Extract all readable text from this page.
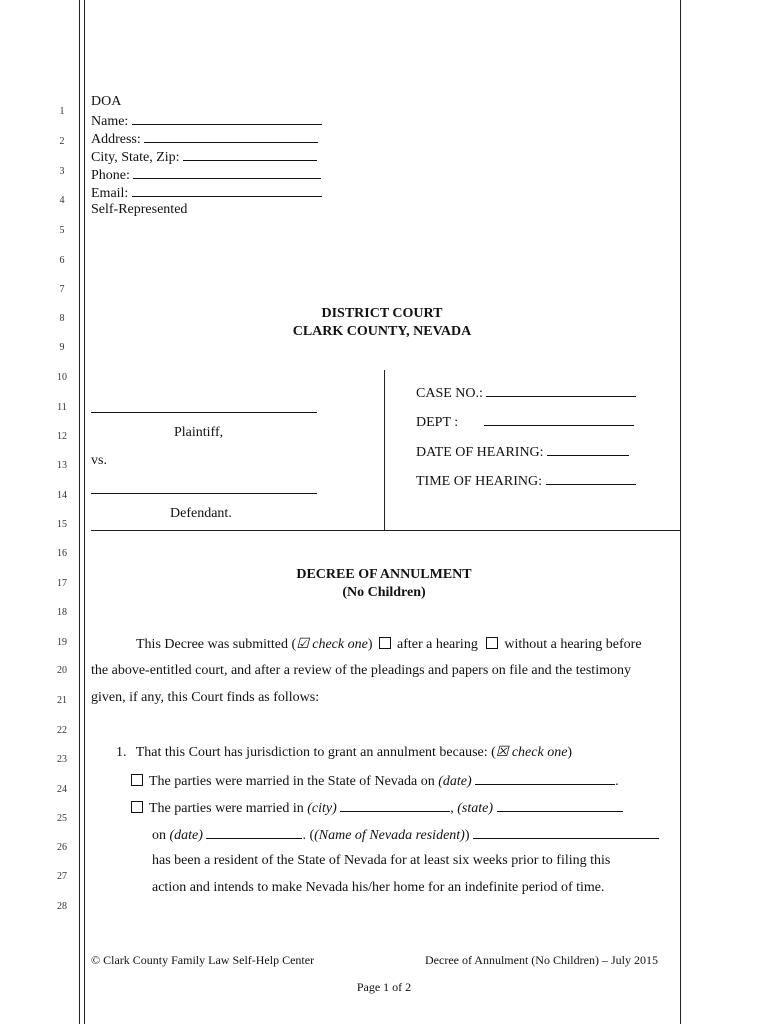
1
2
3
4
5
6
7
8
9
10
11
12
13
14
15
16
17
18
19
20
21
22
23
24
25
26
27
28
DOA
Name:
Address:
City, State, Zip:
Phone:
Email:
Self-Represented
DISTRICT COURT
CLARK COUNTY, NEVADA
Plaintiff,
vs.
Defendant.
CASE NO.:
DEPT :
DATE OF HEARING:
TIME OF HEARING:
DECREE OF ANNULMENT
(No Children)
This Decree was submitted (☑ check one) after a hearing without a hearing before
the above-entitled court, and after a review of the pleadings and papers on file and the testimony
given, if any, this Court finds as follows:
1. That this Court has jurisdiction to grant an annulment because: (☒ check one)
The parties were married in the State of Nevada on (date)	.
The parties were married in (city)	, (state)
on (date)	. ((Name of Nevada resident))
has been a resident of the State of Nevada for at least six weeks prior to filing this
action and intends to make Nevada his/her home for an indefinite period of time.
© Clark County Family Law Self-Help Center	Decree of Annulment (No Children) – July 2015
Page 1 of 2
